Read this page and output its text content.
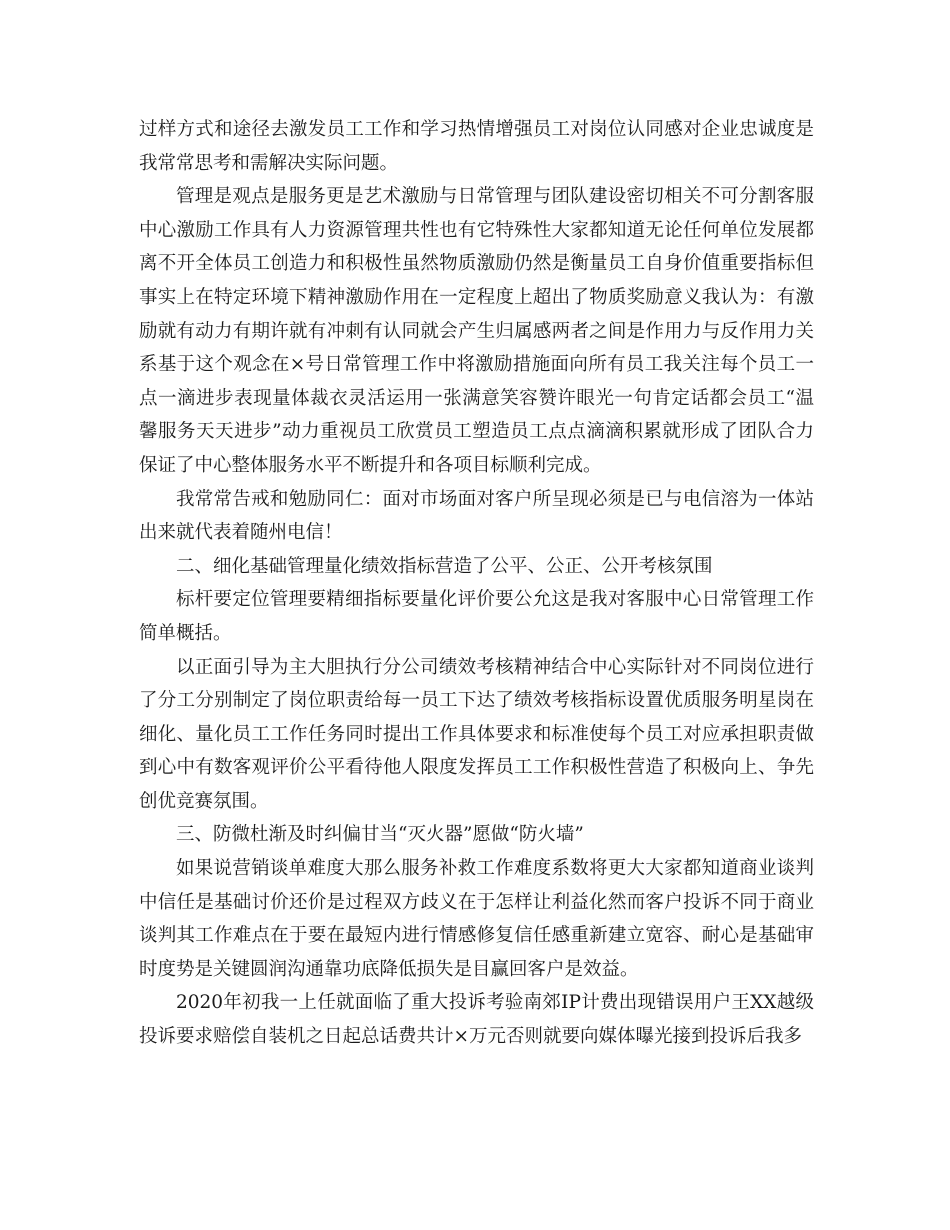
过样方式和途径去激发员工工作和学习热情增强员工对岗位认同感对企业忠诚度是我常常思考和需解决实际问题。

管理是观点是服务更是艺术激励与日常管理与团队建设密切相关不可分割客服中心激励工作具有人力资源管理共性也有它特殊性大家都知道无论任何单位发展都离不开全体员工创造力和积极性虽然物质激励仍然是衡量员工自身价值重要指标但事实上在特定环境下精神激励作用在一定程度上超出了物质奖励意义我认为：有激励就有动力有期许就有冲刺有认同就会产生归属感两者之间是作用力与反作用力关系基于这个观念在×号日常管理工作中将激励措施面向所有员工我关注每个员工一点一滴进步表现量体裁衣灵活运用一张满意笑容赞许眼光一句肯定话都会员工“温馨服务天天进步”动力重视员工欣赏员工塑造员工点点滴滴积累就形成了团队合力保证了中心整体服务水平不断提升和各项目标顺利完成。

我常常告戒和勉励同仁：面对市场面对客户所呈现必须是已与电信溶为一体站出来就代表着随州电信！

二、细化基础管理量化绩效指标营造了公平、公正、公开考核氛围

标杆要定位管理要精细指标要量化评价要公允这是我对客服中心日常管理工作简单概括。

以正面引导为主大胆执行分公司绩效考核精神结合中心实际针对不同岗位进行了分工分别制定了岗位职责给每一员工下达了绩效考核指标设置优质服务明星岗在细化、量化员工工作任务同时提出工作具体要求和标准使每个员工对应承担职责做到心中有数客观评价公平看待他人限度发挥员工工作积极性营造了积极向上、争先创优竞赛氛围。

三、防微杜渐及时纠偏甘当“灭火器”愿做“防火墙”

如果说营销谈单难度大那么服务补救工作难度系数将更大大家都知道商业谈判中信任是基础讨价还价是过程双方歧义在于怎样让利益化然而客户投诉不同于商业谈判其工作难点在于要在最短内进行情感修复信任感重新建立宽容、耐心是基础审时度势是关键圆润沟通靠功底降低损失是目赢回客户是效益。

2020年初我一上任就面临了重大投诉考验南郊IP计费出现错误用户王XX越级投诉要求赔偿自装机之日起总话费共计×万元否则就要向媒体曝光接到投诉后我多
